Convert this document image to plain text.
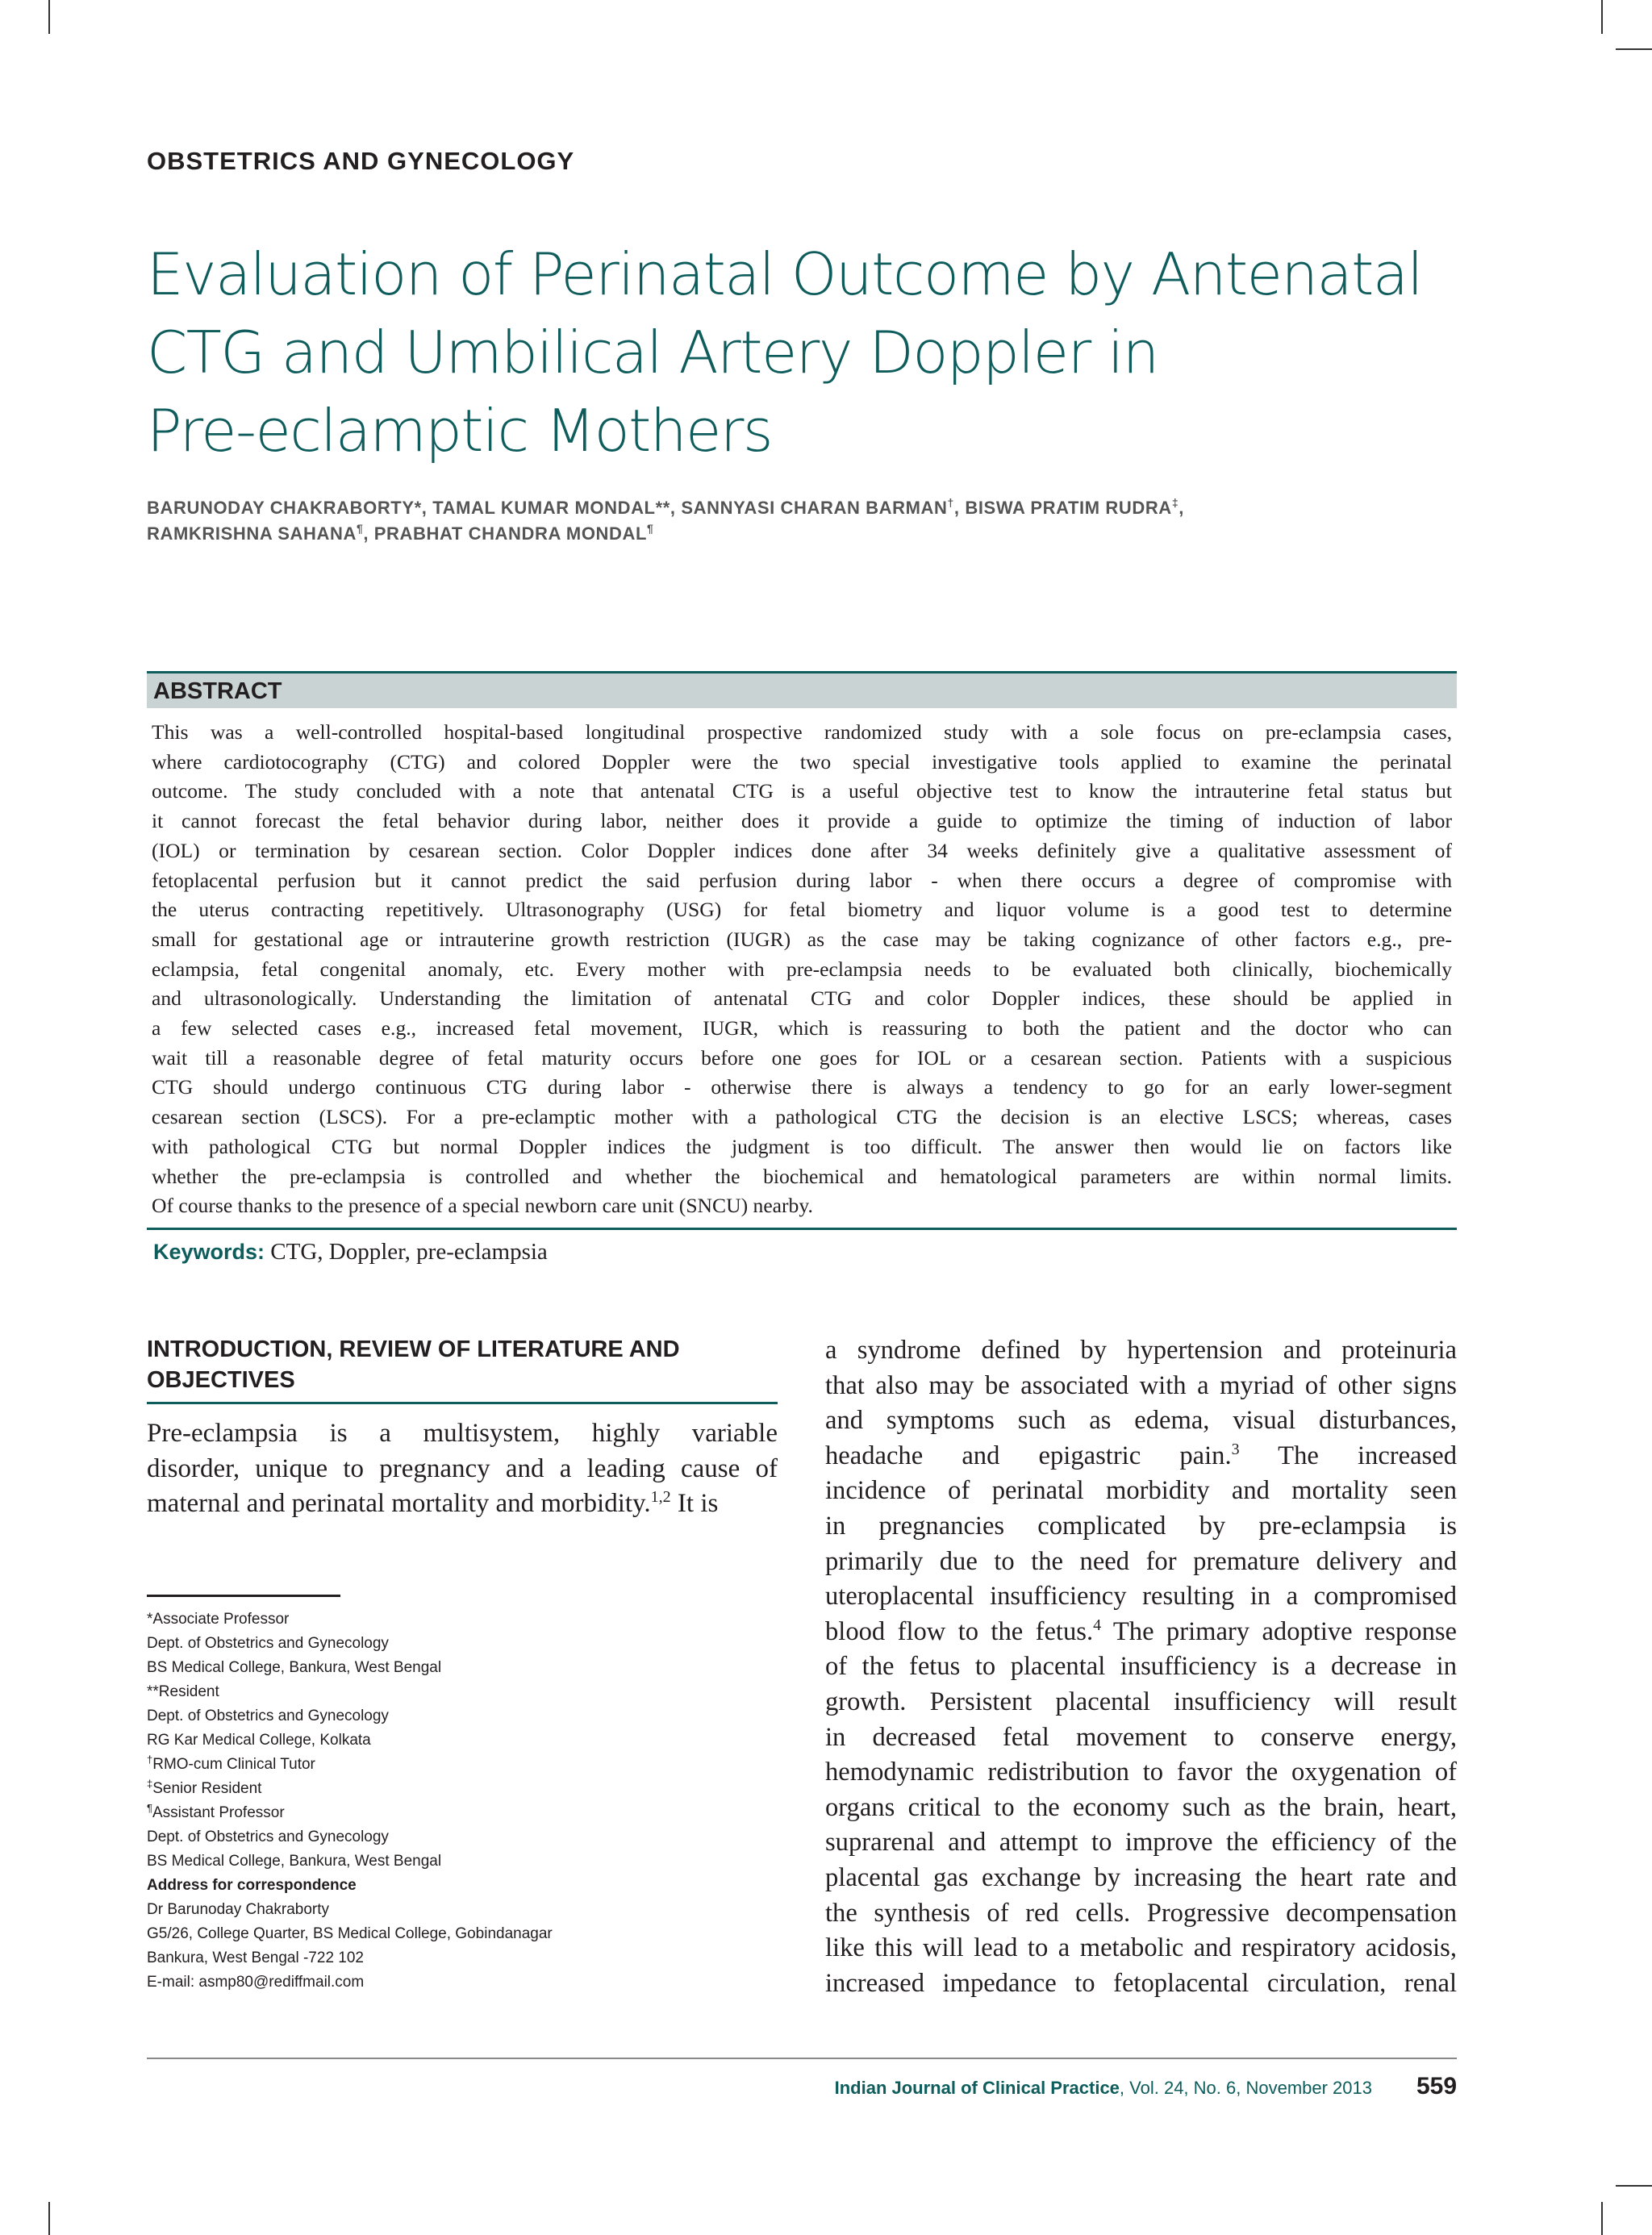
OBSTETRICS AND GYNECOLOGY
Evaluation of Perinatal Outcome by Antenatal
CTG and Umbilical Artery Doppler in
Pre-eclamptic Mothers
BARUNODAY CHAKRABORTY*, TAMAL KUMAR MONDAL**, SANNYASI CHARAN BARMAN†, BISWA PRATIM RUDRA‡,
RAMKRISHNA SAHANA¶, PRABHAT CHANDRA MONDAL¶
ABSTRACT
This was a well-controlled hospital-based longitudinal prospective randomized study with a sole focus on pre-eclampsia cases,
where cardiotocography (CTG) and colored Doppler were the two special investigative tools applied to examine the perinatal
outcome. The study concluded with a note that antenatal CTG is a useful objective test to know the intrauterine fetal status but
it cannot forecast the fetal behavior during labor, neither does it provide a guide to optimize the timing of induction of labor
(IOL) or termination by cesarean section. Color Doppler indices done after 34 weeks definitely give a qualitative assessment of
fetoplacental perfusion but it cannot predict the said perfusion during labor - when there occurs a degree of compromise with
the uterus contracting repetitively. Ultrasonography (USG) for fetal biometry and liquor volume is a good test to determine
small for gestational age or intrauterine growth restriction (IUGR) as the case may be taking cognizance of other factors e.g., pre-
eclampsia, fetal congenital anomaly, etc. Every mother with pre-eclampsia needs to be evaluated both clinically, biochemically
and ultrasonologically. Understanding the limitation of antenatal CTG and color Doppler indices, these should be applied in
a few selected cases e.g., increased fetal movement, IUGR, which is reassuring to both the patient and the doctor who can
wait till a reasonable degree of fetal maturity occurs before one goes for IOL or a cesarean section. Patients with a suspicious
CTG should undergo continuous CTG during labor - otherwise there is always a tendency to go for an early lower-segment
cesarean section (LSCS). For a pre-eclamptic mother with a pathological CTG the decision is an elective LSCS; whereas, cases
with pathological CTG but normal Doppler indices the judgment is too difficult. The answer then would lie on factors like
whether the pre-eclampsia is controlled and whether the biochemical and hematological parameters are within normal limits.
Of course thanks to the presence of a special newborn care unit (SNCU) nearby.
Keywords: CTG, Doppler, pre-eclampsia
INTRODUCTION, REVIEW OF LITERATURE AND
OBJECTIVES
Pre-eclampsia is a multisystem, highly variable
disorder, unique to pregnancy and a leading cause of
maternal and perinatal mortality and morbidity.$^{1,2}$ It is
*Associate Professor
Dept. of Obstetrics and Gynecology
BS Medical College, Bankura, West Bengal
**Resident
Dept. of Obstetrics and Gynecology
RG Kar Medical College, Kolkata
†RMO-cum Clinical Tutor
‡Senior Resident
¶Assistant Professor
Dept. of Obstetrics and Gynecology
BS Medical College, Bankura, West Bengal
Address for correspondence
Dr Barunoday Chakraborty
G5/26, College Quarter, BS Medical College, Gobindanagar
Bankura, West Bengal -722 102
E-mail: asmp80@rediffmail.com
a syndrome defined by hypertension and proteinuria
that also may be associated with a myriad of other signs
and symptoms such as edema, visual disturbances,
headache and epigastric pain.$^3$ The increased
incidence of perinatal morbidity and mortality seen
in pregnancies complicated by pre-eclampsia is
primarily due to the need for premature delivery and
uteroplacental insufficiency resulting in a compromised
blood flow to the fetus.$^4$ The primary adoptive response
of the fetus to placental insufficiency is a decrease in
growth. Persistent placental insufficiency will result
in decreased fetal movement to conserve energy,
hemodynamic redistribution to favor the oxygenation of
organs critical to the economy such as the brain, heart,
suprarenal and attempt to improve the efficiency of the
placental gas exchange by increasing the heart rate and
the synthesis of red cells. Progressive decompensation
like this will lead to a metabolic and respiratory acidosis,
increased impedance to fetoplacental circulation, renal
Indian Journal of Clinical Practice, Vol. 24, No. 6, November 2013 559
